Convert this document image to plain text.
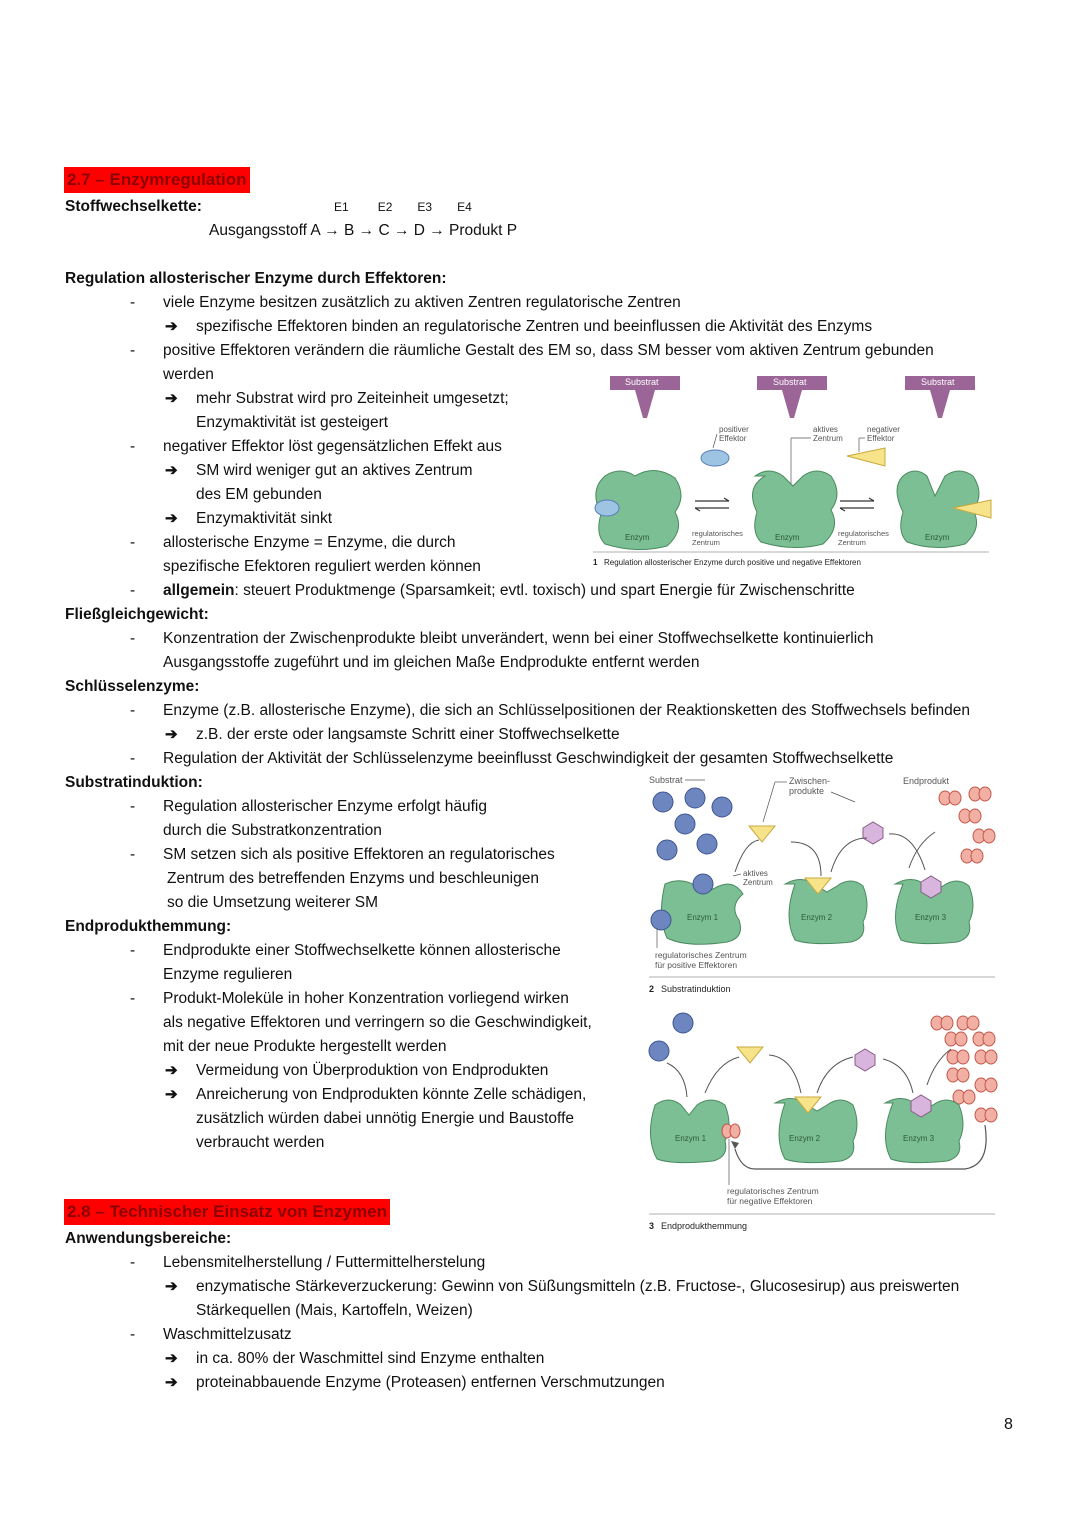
2.7 – Enzymregulation
Stoffwechselkette:	E1 E2 E3 E4
Ausgangsstoff A → B → C → D → Produkt P
Regulation allosterischer Enzyme durch Effektoren:
- viele Enzyme besitzen zusätzlich zu aktiven Zentren regulatorische Zentren
➔ spezifische Effektoren binden an regulatorische Zentren und beeinflussen die Aktivität des Enzyms
- positive Effektoren verändern die räumliche Gestalt des EM so, dass SM besser vom aktiven Zentrum gebunden
werden
➔ mehr Substrat wird pro Zeiteinheit umgesetzt;
Enzymaktivität ist gesteigert
- negativer Effektor löst gegensätzlichen Effekt aus
➔ SM wird weniger gut an aktives Zentrum
des EM gebunden
➔ Enzymaktivität sinkt
- allosterische Enzyme = Enzyme, die durch
spezifische Efektoren reguliert werden können
- allgemein: steuert Produktmenge (Sparsamkeit; evtl. toxisch) und spart Energie für Zwischenschritte
Fließgleichgewicht:
- Konzentration der Zwischenprodukte bleibt unverändert, wenn bei einer Stoffwechselkette kontinuierlich
Ausgangsstoffe zugeführt und im gleichen Maße Endprodukte entfernt werden
Schlüsselenzyme:
- Enzyme (z.B. allosterische Enzyme), die sich an Schlüsselpositionen der Reaktionsketten des Stoffwechsels befinden
➔ z.B. der erste oder langsamste Schritt einer Stoffwechselkette
- Regulation der Aktivität der Schlüsselenzyme beeinflusst Geschwindigkeit der gesamten Stoffwechselkette
Substratinduktion:
- Regulation allosterischer Enzyme erfolgt häufig
durch die Substratkonzentration
- SM setzen sich als positive Effektoren an regulatorisches
Zentrum des betreffenden Enzyms und beschleunigen
so die Umsetzung weiterer SM
Endprodukthemmung:
- Endprodukte einer Stoffwechselkette können allosterische
Enzyme regulieren
- Produkt-Moleküle in hoher Konzentration vorliegend wirken
als negative Effektoren und verringern so die Geschwindigkeit,
mit der neue Produkte hergestellt werden
➔ Vermeidung von Überproduktion von Endprodukten
➔ Anreicherung von Endprodukten könnte Zelle schädigen,
zusätzlich würden dabei unnötig Energie und Baustoffe
verbraucht werden
Substrat	Substrat	Substrat
positiver
Effektor
aktives
Zentrum
negativer
Effektor
Enzym	Enzym	Enzym
regulatorisches
Zentrum
regulatorisches
Zentrum
1 Regulation allosterischer Enzyme durch positive und negative Effektoren
Substrat	Zwischen-
produkte
Endprodukt
Enzym 1	Enzym 2	Enzym 3
aktives
Zentrum
regulatorisches Zentrum
für positive Effektoren
2 Substratinduktion
Enzym 1	Enzym 2	Enzym 3
regulatorisches Zentrum
für negative Effektoren
3 Endprodukthemmung
2.8 – Technischer Einsatz von Enzymen
Anwendungsbereiche:
- Lebensmitelherstellung / Futtermittelherstelung
➔ enzymatische Stärkeverzuckerung: Gewinn von Süßungsmitteln (z.B. Fructose-, Glucosesirup) aus preiswerten
Stärkequellen (Mais, Kartoffeln, Weizen)
- Waschmittelzusatz
➔ in ca. 80% der Waschmittel sind Enzyme enthalten
➔ proteinabbauende Enzyme (Proteasen) entfernen Verschmutzungen
8
